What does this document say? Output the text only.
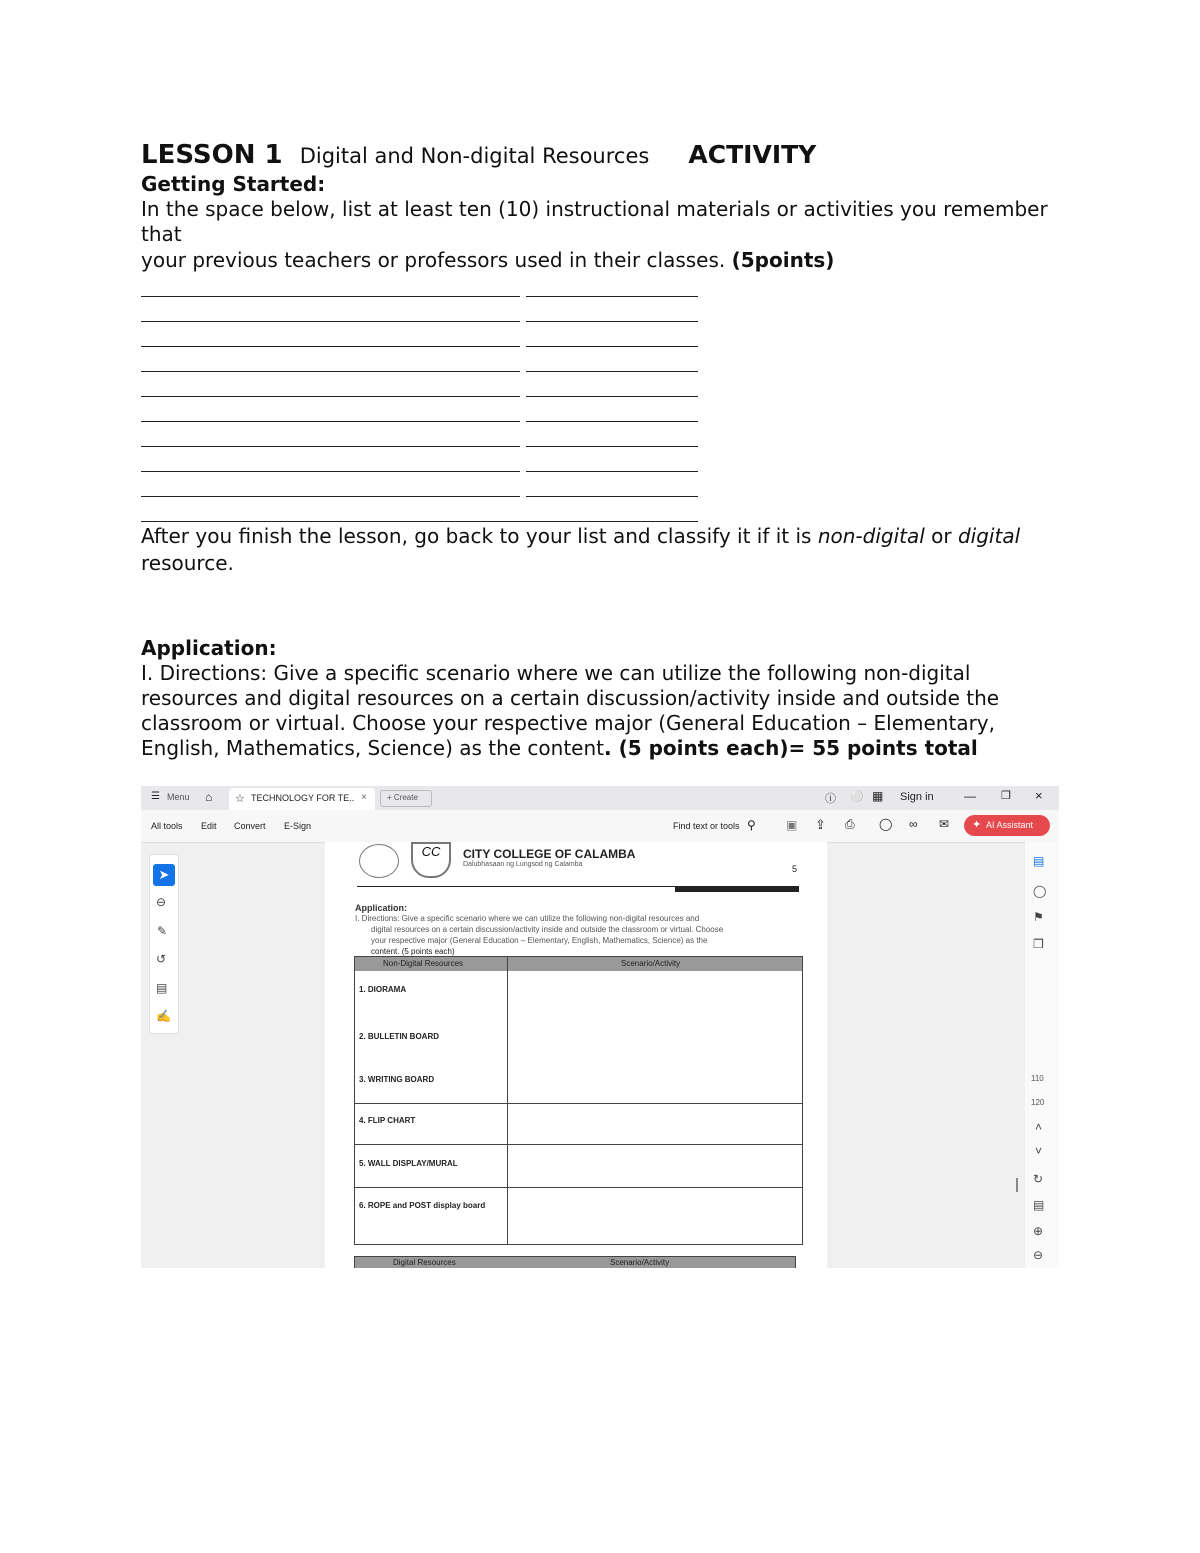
LESSON 1 Digital and Non-digital Resources ACTIVITY
Getting Started:
In the space below, list at least ten (10) instructional materials or activities you remember that
your previous teachers or professors used in their classes. (5points)
After you finish the lesson, go back to your list and classify it if it is non-digital or digital resource.
Application:
I. Directions: Give a specific scenario where we can utilize the following non-digital resources and digital resources on a certain discussion/activity inside and outside the classroom or virtual. Choose your respective major (General Education – Elementary, English, Mathematics, Science) as the content. (5 points each)= 55 points total
☰ Menu ⌂ ☆ TECHNOLOGY FOR TE.. ×	+ Create	ⓘ ⚪ ▦ Sign in	— ❐ ×
All tools Edit Convert E-Sign	Find text or tools ⚲	▣ ⇪ ⎙ ◯ ∞ ✉	AI Assistant
✦
➤
⊖
✎
↺
▤
✍
CC	CITY COLLEGE OF CALAMBA
Dalubhasaan ng Lungsod ng Calamba	5
Application:
I. Directions: Give a specific scenario where we can utilize the following non-digital resources and
digital resources on a certain discussion/activity inside and outside the classroom or virtual. Choose
your respective major (General Education – Elementary, English, Mathematics, Science) as the
content. (5 points each)
Non-Digital Resources	Scenario/Activity
1. DIORAMA
2. BULLETIN BOARD
3. WRITING BOARD
4. FLIP CHART
5. WALL DISPLAY/MURAL
6. ROPE and POST display board
Digital Resources	Scenario/Activity
▤
◯
⚑
❐
110
120
˄
˅
↻
▤
⊕
⊖
